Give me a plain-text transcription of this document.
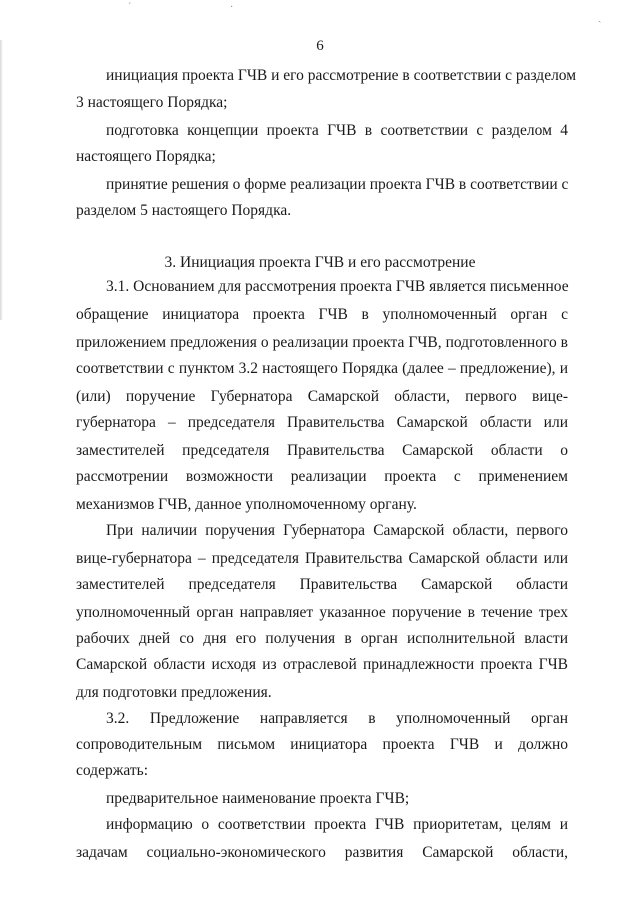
ˊ	·
ˏ
6
инициация проекта ГЧВ и его рассмотрение в соответствии с разделом
3 настоящего Порядка;
подготовка концепции проекта ГЧВ в соответствии с разделом 4
настоящего Порядка;
принятие решения о форме реализации проекта ГЧВ в соответствии с
разделом 5 настоящего Порядка.
3. Инициация проекта ГЧВ и его рассмотрение
3.1. Основанием для рассмотрения проекта ГЧВ является письменное
обращение инициатора проекта ГЧВ в уполномоченный орган с
приложением предложения о реализации проекта ГЧВ, подготовленного в
соответствии с пунктом 3.2 настоящего Порядка (далее – предложение), и
(или) поручение Губернатора Самарской области, первого вице-
губернатора – председателя Правительства Самарской области или
заместителей председателя Правительства Самарской области о
рассмотрении возможности реализации проекта с применением
механизмов ГЧВ, данное уполномоченному органу.
При наличии поручения Губернатора Самарской области, первого
вице-губернатора – председателя Правительства Самарской области или
заместителей председателя Правительства Самарской области
уполномоченный орган направляет указанное поручение в течение трех
рабочих дней со дня его получения в орган исполнительной власти
Самарской области исходя из отраслевой принадлежности проекта ГЧВ
для подготовки предложения.
3.2. Предложение направляется в уполномоченный орган
сопроводительным письмом инициатора проекта ГЧВ и должно
содержать:
предварительное наименование проекта ГЧВ;
информацию о соответствии проекта ГЧВ приоритетам, целям и
задачам социально-экономического развития Самарской области,
